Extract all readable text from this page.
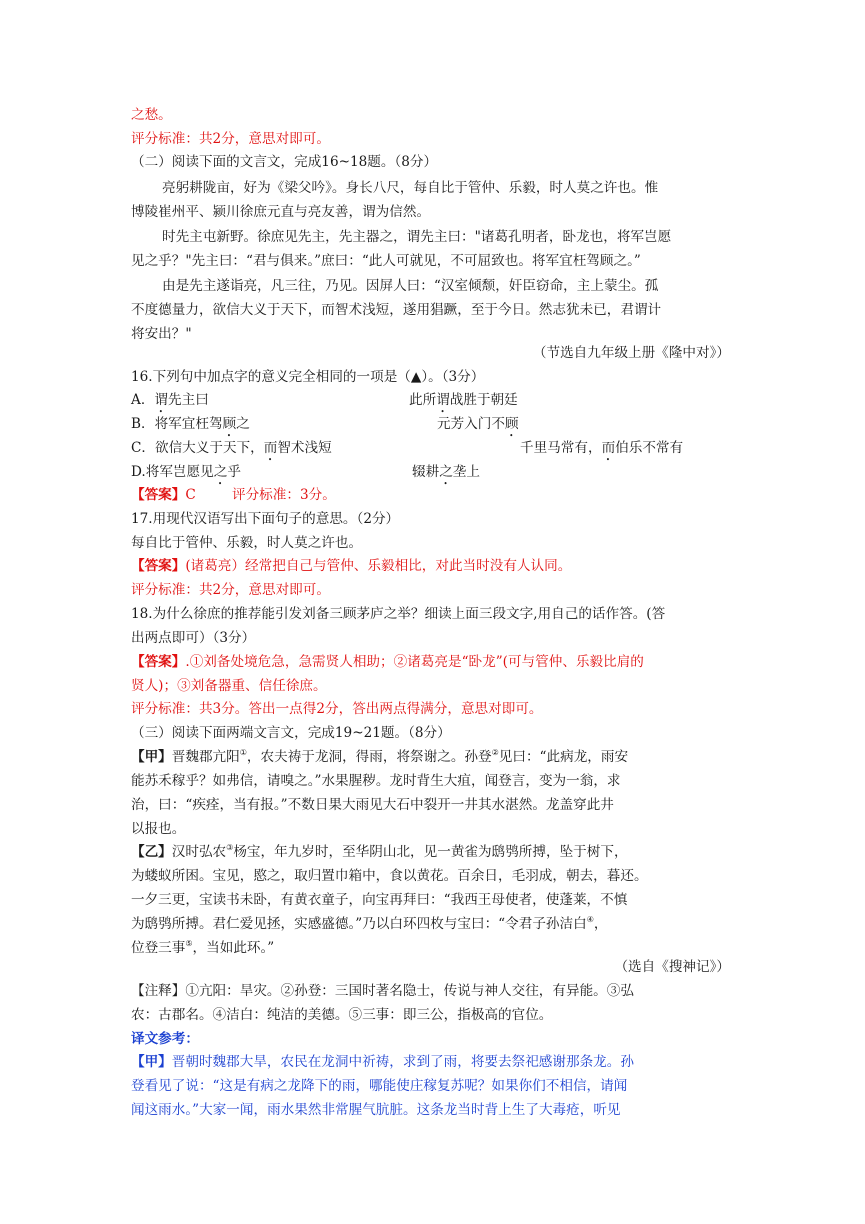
之愁。
评分标准：共2分，意思对即可。
（二）阅读下面的文言文，完成16~18题。（8分）
亮躬耕陇亩，好为《梁父吟》。身长八尺，每自比于管仲、乐毅，时人莫之许也。惟
博陵崔州平、颍川徐庶元直与亮友善，谓为信然。
时先主屯新野。徐庶见先主，先主器之，谓先主曰："诸葛孔明者，卧龙也，将军岂愿
见之乎？"先主曰：“君与俱来。”庶曰：“此人可就见，不可屈致也。将军宜枉驾顾之。”
由是先主遂诣亮，凡三往，乃见。因屏人曰：“汉室倾颓，奸臣窃命，主上蒙尘。孤
不度德量力，欲信大义于天下，而智术浅短，遂用猖蹶，至于今日。然志犹未已，君谓计
将安出？"
（节选自九年级上册《隆中对》）
16.下列句中加点字的意义完全相同的一项是（▲）。（3分）
A．谓先主曰	此所谓战胜于朝廷
B．将军宜枉驾顾之	元芳入门不顾
C．欲信大义于天下，而智术浅短	千里马常有，而伯乐不常有
D.将军岂愿见之乎	辍耕之垄上
【答案】C	评分标准：3分。
17.用现代汉语写出下面句子的意思。（2分）
每自比于管仲、乐毅，时人莫之许也。
【答案】(诸葛亮）经常把自己与管仲、乐毅相比，对此当时没有人认同。
评分标准：共2分，意思对即可。
18.为什么徐庶的推荐能引发刘备三顾茅庐之举？细读上面三段文字,用自己的话作答。(答
出两点即可）（3分）
【答案】.①刘备处境危急，急需贤人相助；②诸葛亮是“卧龙”(可与管仲、乐毅比肩的
贤人)；③刘备器重、信任徐庶。
评分标准：共3分。答出一点得2分，答出两点得满分，意思对即可。
（三）阅读下面两端文言文，完成19~21题。（8分）
【甲】晋魏郡亢阳①，农夫祷于龙洞，得雨，将祭谢之。孙登②见曰：“此病龙，雨安
能苏禾稼乎？如弗信，请嗅之。”水果腥秽。龙时背生大疽，闻登言，变为一翁，求
治，曰：“疾痊，当有报。”不数日果大雨见大石中裂开一井其水湛然。龙盖穿此井
以报也。
【乙】汉时弘农③杨宝，年九岁时，至华阴山北，见一黄雀为鸱鸮所搏，坠于树下，
为蝼蚁所困。宝见，愍之，取归置巾箱中，食以黄花。百余日，毛羽成，朝去，暮还。
一夕三更，宝读书未卧，有黄衣童子，向宝再拜曰：“我西王母使者，使蓬莱，不慎
为鸱鸮所搏。君仁爱见拯，实感盛德。”乃以白环四枚与宝曰：“令君子孙洁白④，
位登三事⑤，当如此环。”
（选自《搜神记》）
【注释】①亢阳：旱灾。②孙登：三国时著名隐士，传说与神人交往，有异能。③弘
农：古郡名。④洁白：纯洁的美德。⑤三事：即三公，指极高的官位。
译文参考：
【甲】晋朝时魏郡大旱，农民在龙洞中祈祷，求到了雨，将要去祭祀感谢那条龙。孙
登看见了说：“这是有病之龙降下的雨，哪能使庄稼复苏呢？如果你们不相信，请闻
闻这雨水。”大家一闻，雨水果然非常腥气肮脏。这条龙当时背上生了大毒疮，听见
